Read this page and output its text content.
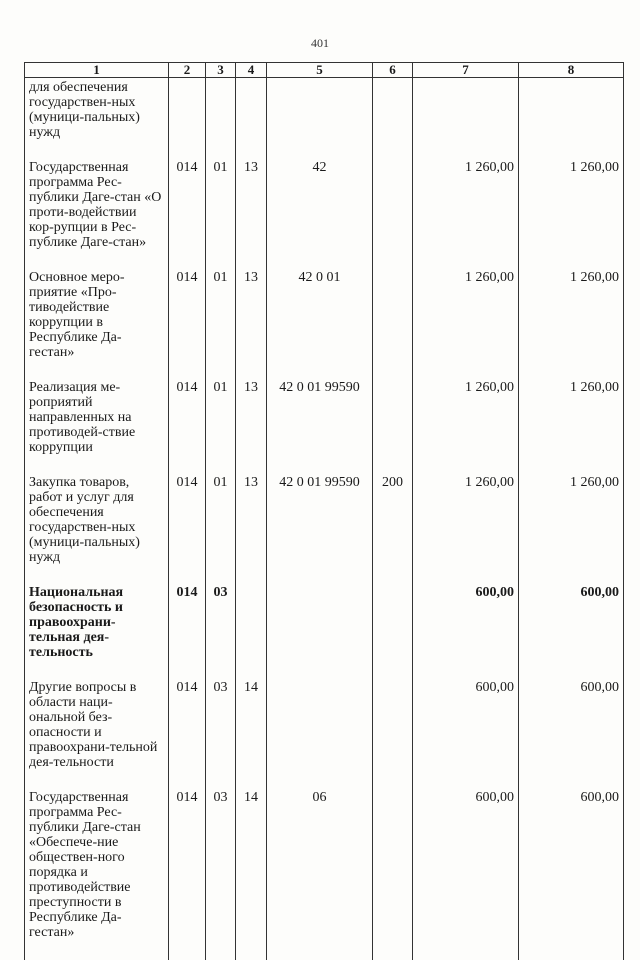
401
1	2	3	4	5	6	7	8
для обеспечения государствен-ных (муници-пальных) нужд							
Государственная программа Рес-публики Даге-стан «О проти-водействии кор-рупции в Рес-публике Даге-стан»	014	01	13	42		1 260,00	1 260,00
Основное меро-приятие «Про-тиводействие коррупции в Республике Да-гестан»	014	01	13	42 0 01		1 260,00	1 260,00
Реализация ме-роприятий направленных на противодей-ствие коррупции	014	01	13	42 0 01 99590		1 260,00	1 260,00
Закупка товаров, работ и услуг для обеспечения государствен-ных (муници-пальных) нужд	014	01	13	42 0 01 99590	200	1 260,00	1 260,00
Национальная безопасность и правоохрани-тельная дея-тельность	014	03				600,00	600,00
Другие вопросы в области наци-ональной без-опасности и правоохрани-тельной дея-тельности	014	03	14			600,00	600,00
Государственная программа Рес-публики Даге-стан «Обеспече-ние обществен-ного порядка и противодействие преступности в Республике Да-гестан»	014	03	14	06		600,00	600,00
